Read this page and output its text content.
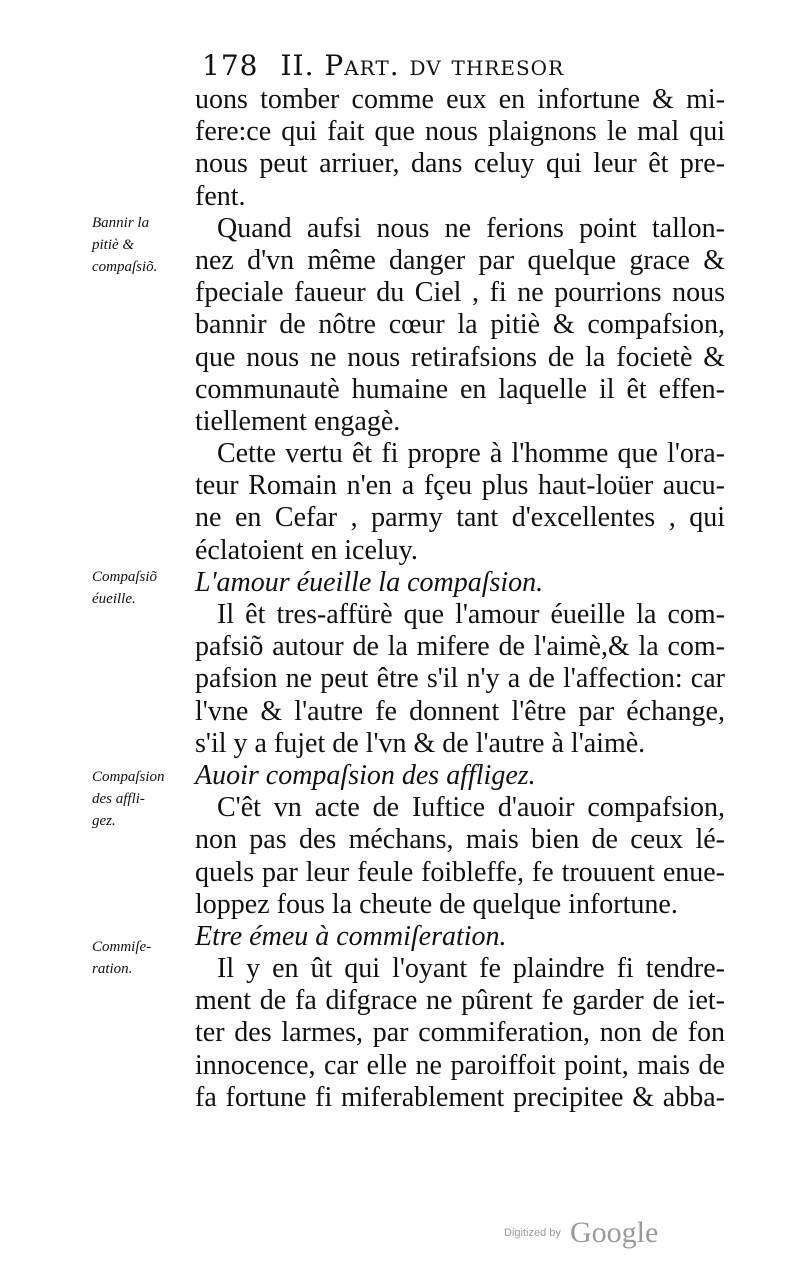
178 II. Part. dv thresor
Bannir la
pitiè &
compaſsiõ.
Compaſsiõ
éueille.
Compaſsion
des affli-
gez.
Commiſe-
ration.
uons tomber comme eux en infortune & mi-
fere:ce qui fait que nous plaignons le mal qui
nous peut arriuer, dans celuy qui leur êt pre-
fent.
Quand aufsi nous ne ferions point tallon-
nez d'vn même danger par quelque grace &
fpeciale faueur du Ciel , fi ne pourrions nous
bannir de nôtre cœur la pitiè & compafsion,
que nous ne nous retirafsions de la focietè &
communautè humaine en laquelle il êt effen-
tiellement engagè.
Cette vertu êt fi propre à l'homme que l'ora-
teur Romain n'en a fçeu plus haut-loüer aucu-
ne en Cefar , parmy tant d'excellentes , qui
éclatoient en iceluy.
L'amour éueille la compaſsion.
Il êt tres-affürè que l'amour éueille la com-
pafsiõ autour de la mifere de l'aimè,& la com-
pafsion ne peut être s'il n'y a de l'affection: car
l'vne & l'autre fe donnent l'être par échange,
s'il y a fujet de l'vn & de l'autre à l'aimè.
Auoir compaſsion des affligez.
C'êt vn acte de Iuftice d'auoir compafsion,
non pas des méchans, mais bien de ceux lé-
quels par leur feule foibleffe, fe trouuent enue-
loppez fous la cheute de quelque infortune.
Etre émeu à commiſeration.
Il y en ût qui l'oyant fe plaindre fi tendre-
ment de fa difgrace ne pûrent fe garder de iet-
ter des larmes, par commiferation, non de fon
innocence, car elle ne paroiffoit point, mais de
fa fortune fi miferablement precipitee & abba-
Digitized by Google
